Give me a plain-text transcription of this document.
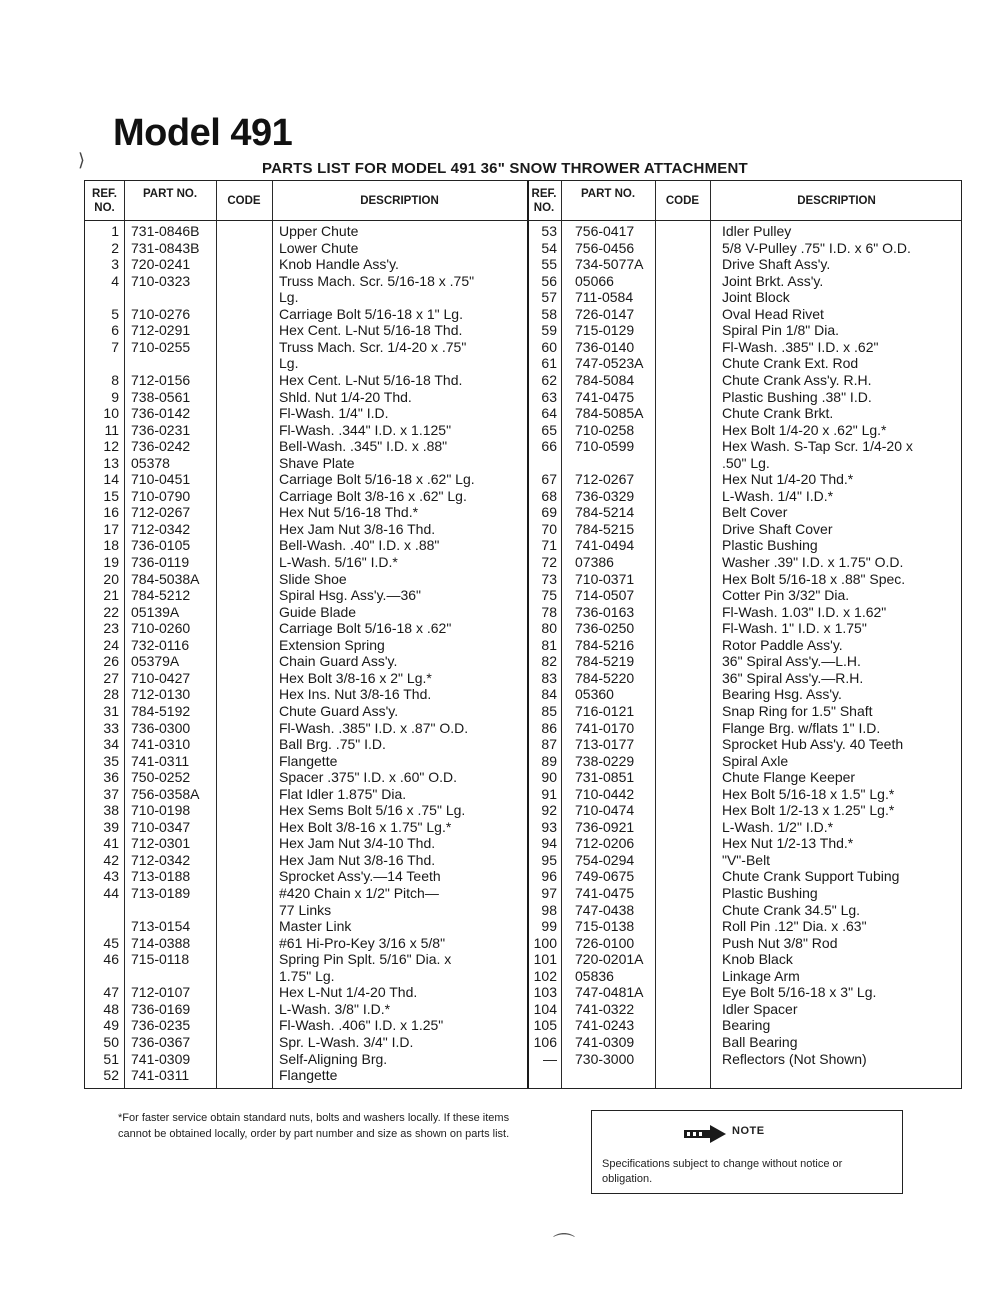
Model 491
PARTS LIST FOR MODEL 491 36" SNOW THROWER ATTACHMENT
REF. NO.
PART NO.
CODE	DESCRIPTION
REF. NO.
PART NO.
CODE	DESCRIPTION
1 731-0846B	Upper Chute
2 731-0843B	Lower Chute
3 720-0241	Knob Handle Ass'y.
4 710-0323	Truss Mach. Scr. 5/16-18 x .75"
Lg.
5 710-0276	Carriage Bolt 5/16-18 x 1" Lg.
6 712-0291	Hex Cent. L-Nut 5/16-18 Thd.
7 710-0255	Truss Mach. Scr. 1/4-20 x .75"
Lg.
8 712-0156	Hex Cent. L-Nut 5/16-18 Thd.
9 738-0561	Shld. Nut 1/4-20 Thd.
10 736-0142	Fl-Wash. 1/4" I.D.
11 736-0231	Fl-Wash. .344" I.D. x 1.125"
12 736-0242	Bell-Wash. .345" I.D. x .88"
13 05378	Shave Plate
14 710-0451	Carriage Bolt 5/16-18 x .62" Lg.
15 710-0790	Carriage Bolt 3/8-16 x .62" Lg.
16 712-0267	Hex Nut 5/16-18 Thd.*
17 712-0342	Hex Jam Nut 3/8-16 Thd.
18 736-0105	Bell-Wash. .40" I.D. x .88"
19 736-0119	L-Wash. 5/16" I.D.*
20 784-5038A	Slide Shoe
21 784-5212	Spiral Hsg. Ass'y.—36"
22 05139A	Guide Blade
23 710-0260	Carriage Bolt 5/16-18 x .62"
24 732-0116	Extension Spring
26 05379A	Chain Guard Ass'y.
27 710-0427	Hex Bolt 3/8-16 x 2" Lg.*
28 712-0130	Hex Ins. Nut 3/8-16 Thd.
31 784-5192	Chute Guard Ass'y.
33 736-0300	Fl-Wash. .385" I.D. x .87" O.D.
34 741-0310	Ball Brg. .75" I.D.
35 741-0311	Flangette
36 750-0252	Spacer .375" I.D. x .60" O.D.
37 756-0358A	Flat Idler 1.875" Dia.
38 710-0198	Hex Sems Bolt 5/16 x .75" Lg.
39 710-0347	Hex Bolt 3/8-16 x 1.75" Lg.*
41 712-0301	Hex Jam Nut 3/4-10 Thd.
42 712-0342	Hex Jam Nut 3/8-16 Thd.
43 713-0188	Sprocket Ass'y.—14 Teeth
44 713-0189	#420 Chain x 1/2" Pitch—
77 Links
713-0154	Master Link
45 714-0388	#61 Hi-Pro-Key 3/16 x 5/8"
46 715-0118	Spring Pin Splt. 5/16" Dia. x
1.75" Lg.
47 712-0107	Hex L-Nut 1/4-20 Thd.
48 736-0169	L-Wash. 3/8" I.D.*
49 736-0235	Fl-Wash. .406" I.D. x 1.25"
50 736-0367	Spr. L-Wash. 3/4" I.D.
51 741-0309	Self-Aligning Brg.
52 741-0311	Flangette
53 756-0417	Idler Pulley
54 756-0456	5/8 V-Pulley .75" I.D. x 6" O.D.
55 734-5077A	Drive Shaft Ass'y.
56 05066	Joint Brkt. Ass'y.
57 711-0584	Joint Block
58 726-0147	Oval Head Rivet
59 715-0129	Spiral Pin 1/8" Dia.
60 736-0140	Fl-Wash. .385" I.D. x .62"
61 747-0523A	Chute Crank Ext. Rod
62 784-5084	Chute Crank Ass'y. R.H.
63 741-0475	Plastic Bushing .38" I.D.
64 784-5085A	Chute Crank Brkt.
65 710-0258	Hex Bolt 1/4-20 x .62" Lg.*
66 710-0599	Hex Wash. S-Tap Scr. 1/4-20 x
.50" Lg.
67 712-0267	Hex Nut 1/4-20 Thd.*
68 736-0329	L-Wash. 1/4" I.D.*
69 784-5214	Belt Cover
70 784-5215	Drive Shaft Cover
71 741-0494	Plastic Bushing
72 07386	Washer .39" I.D. x 1.75" O.D.
73 710-0371	Hex Bolt 5/16-18 x .88" Spec.
75 714-0507	Cotter Pin 3/32" Dia.
78 736-0163	Fl-Wash. 1.03" I.D. x 1.62"
80 736-0250	Fl-Wash. 1" I.D. x 1.75"
81 784-5216	Rotor Paddle Ass'y.
82 784-5219	36" Spiral Ass'y.—L.H.
83 784-5220	36" Spiral Ass'y.—R.H.
84 05360	Bearing Hsg. Ass'y.
85 716-0121	Snap Ring for 1.5" Shaft
86 741-0170	Flange Brg. w/flats 1" I.D.
87 713-0177	Sprocket Hub Ass'y. 40 Teeth
89 738-0229	Spiral Axle
90 731-0851	Chute Flange Keeper
91 710-0442	Hex Bolt 5/16-18 x 1.5" Lg.*
92 710-0474	Hex Bolt 1/2-13 x 1.25" Lg.*
93 736-0921	L-Wash. 1/2" I.D.*
94 712-0206	Hex Nut 1/2-13 Thd.*
95 754-0294	"V"-Belt
96 749-0675	Chute Crank Support Tubing
97 741-0475	Plastic Bushing
98 747-0438	Chute Crank 34.5" Lg.
99 715-0138	Roll Pin .12" Dia. x .63"
100 726-0100	Push Nut 3/8" Rod
101 720-0201A	Knob Black
102 05836	Linkage Arm
103 747-0481A	Eye Bolt 5/16-18 x 3" Lg.
104 741-0322	Idler Spacer
105 741-0243	Bearing
106 741-0309	Ball Bearing
— 730-3000	Reflectors (Not Shown)
*For faster service obtain standard nuts, bolts and washers locally. If these items cannot be obtained locally, order by part number and size as shown on parts list.	NOTE
Specifications subject to change without notice or obligation.
⟩
⌒
